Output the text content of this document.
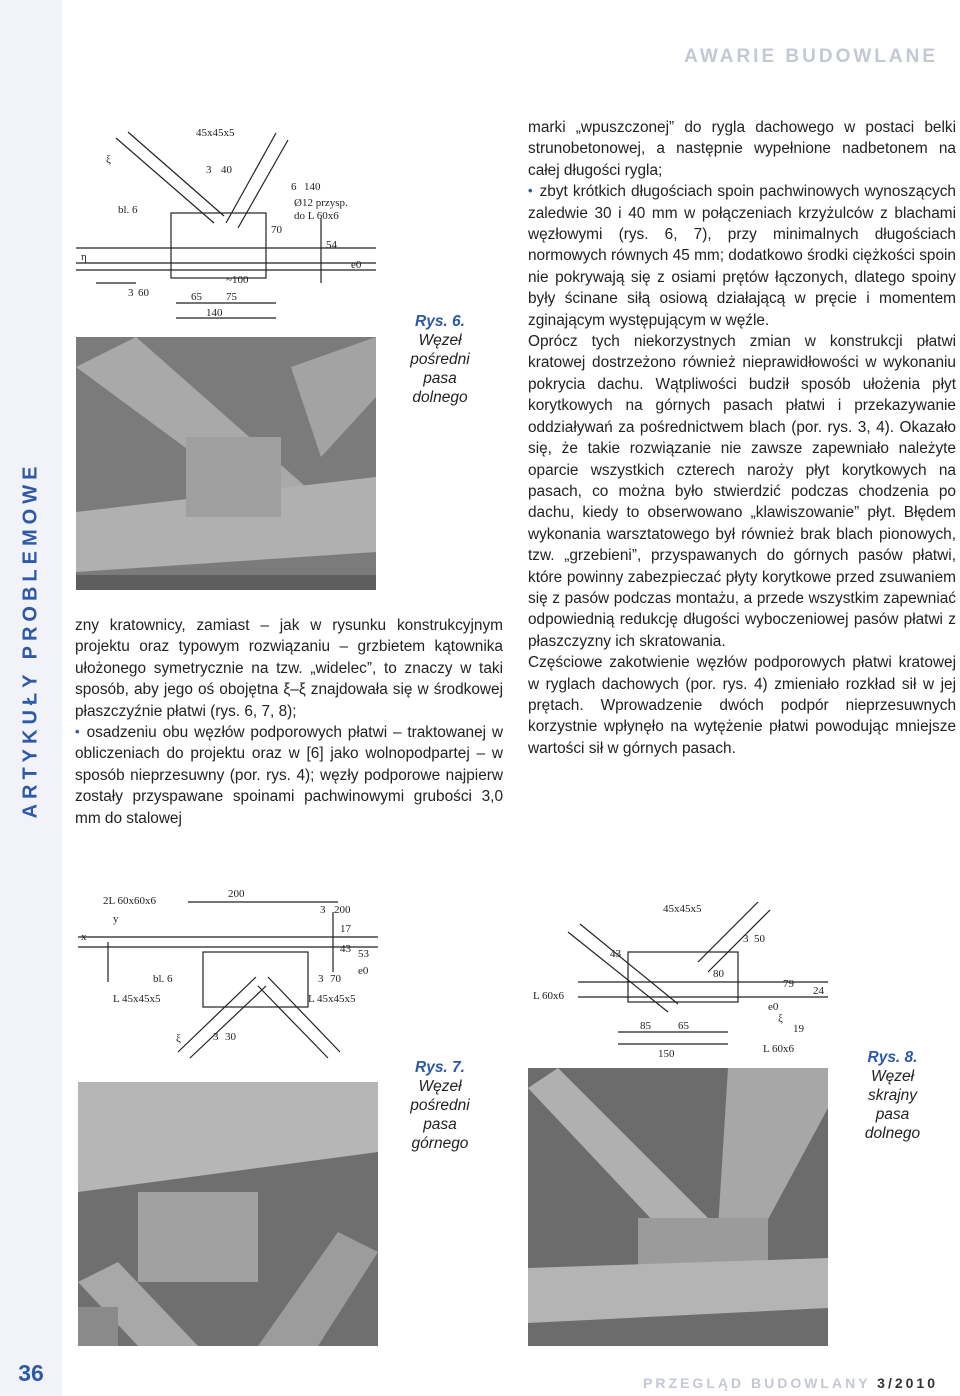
ARTYKUŁY PROBLEMOWE
36
AWARIE BUDOWLANE
PRZEGLĄD BUDOWLANY 3/2010
45x45x5
3 40
6 140
Ø12 przysp.
do L 60x6
bl. 6
70
54
~100
65 75
3 60
140
ξ
η
e0
Rys. 6.
Węzeł
pośredni
pasa
dolnego

zny kratownicy, zamiast – jak w rysunku konstrukcyjnym projektu oraz typowym rozwiązaniu – grzbietem kątownika ułożonego symetrycznie na tzw. „widelec”, to znaczy w taki sposób, aby jego oś obojętna ξ–ξ znajdowała się w środkowej płaszczyźnie płatwi (rys. 6, 7, 8);

• osadzeniu obu węzłów podporowych płatwi – traktowanej w obliczeniach do projektu oraz w [6] jako wolnopodpartej – w sposób nieprzesuwny (por. rys. 4); węzły podporowe najpierw zostały przyspawane spoinami pachwinowymi grubości 3,0 mm do stalowej

marki „wpuszczonej” do rygla dachowego w postaci belki strunobetonowej, a następnie wypełnione nadbetonem na całej długości rygla;

• zbyt krótkich długościach spoin pachwinowych wynoszących zaledwie 30 i 40 mm w połączeniach krzyżulców z blachami węzłowymi (rys. 6, 7), przy minimalnych długościach normowych równych 45 mm; dodatkowo środki ciężkości spoin nie pokrywają się z osiami prętów łączonych, dlatego spoiny były ścinane siłą osiową działającą w pręcie i momentem zginającym występującym w węźle.

Oprócz tych niekorzystnych zmian w konstrukcji płatwi kratowej dostrzeżono również nieprawidłowości w wykonaniu pokrycia dachu. Wątpliwości budził sposób ułożenia płyt korytkowych na górnych pasach płatwi i przekazywanie oddziaływań za pośrednictwem blach (por. rys. 3, 4). Okazało się, że takie rozwiązanie nie zawsze zapewniało należyte oparcie wszystkich czterech naroży płyt korytkowych na pasach, co można było stwierdzić podczas chodzenia po dachu, kiedy to obserwowano „klawiszowanie” płyt. Błędem wykonania warsztatowego był również brak blach pionowych, tzw. „grzebieni”, przyspawanych do górnych pasów płatwi, które powinny zabezpieczać płyty korytkowe przed zsuwaniem się z pasów podczas montażu, a przede wszystkim zapewniać odpowiednią redukcję długości wyboczeniowej pasów płatwi z płaszczyzny ich skratowania.

Częściowe zakotwienie węzłów podporowych płatwi kratowej w ryglach dachowych (por. rys. 4) zmieniało rozkład sił w jej prętach. Wprowadzenie dwóch podpór nieprzesuwnych korzystnie wpłynęło na wytężenie płatwi powodując mniejsze wartości sił w górnych pasach.

2L 60x60x6
200
3 200
17
43 53
bl. 6	3 70
L 45x45x5	L 45x45x5
3 30
x
y
ξ
e0
Rys. 7.
Węzeł
pośredni
pasa
górnego
45x45x5
3 50
43
80
L 60x6
79
24
85 65
150
19
L 60x6
ξ
e0
Rys. 8.
Węzeł
skrajny
pasa
dolnego
